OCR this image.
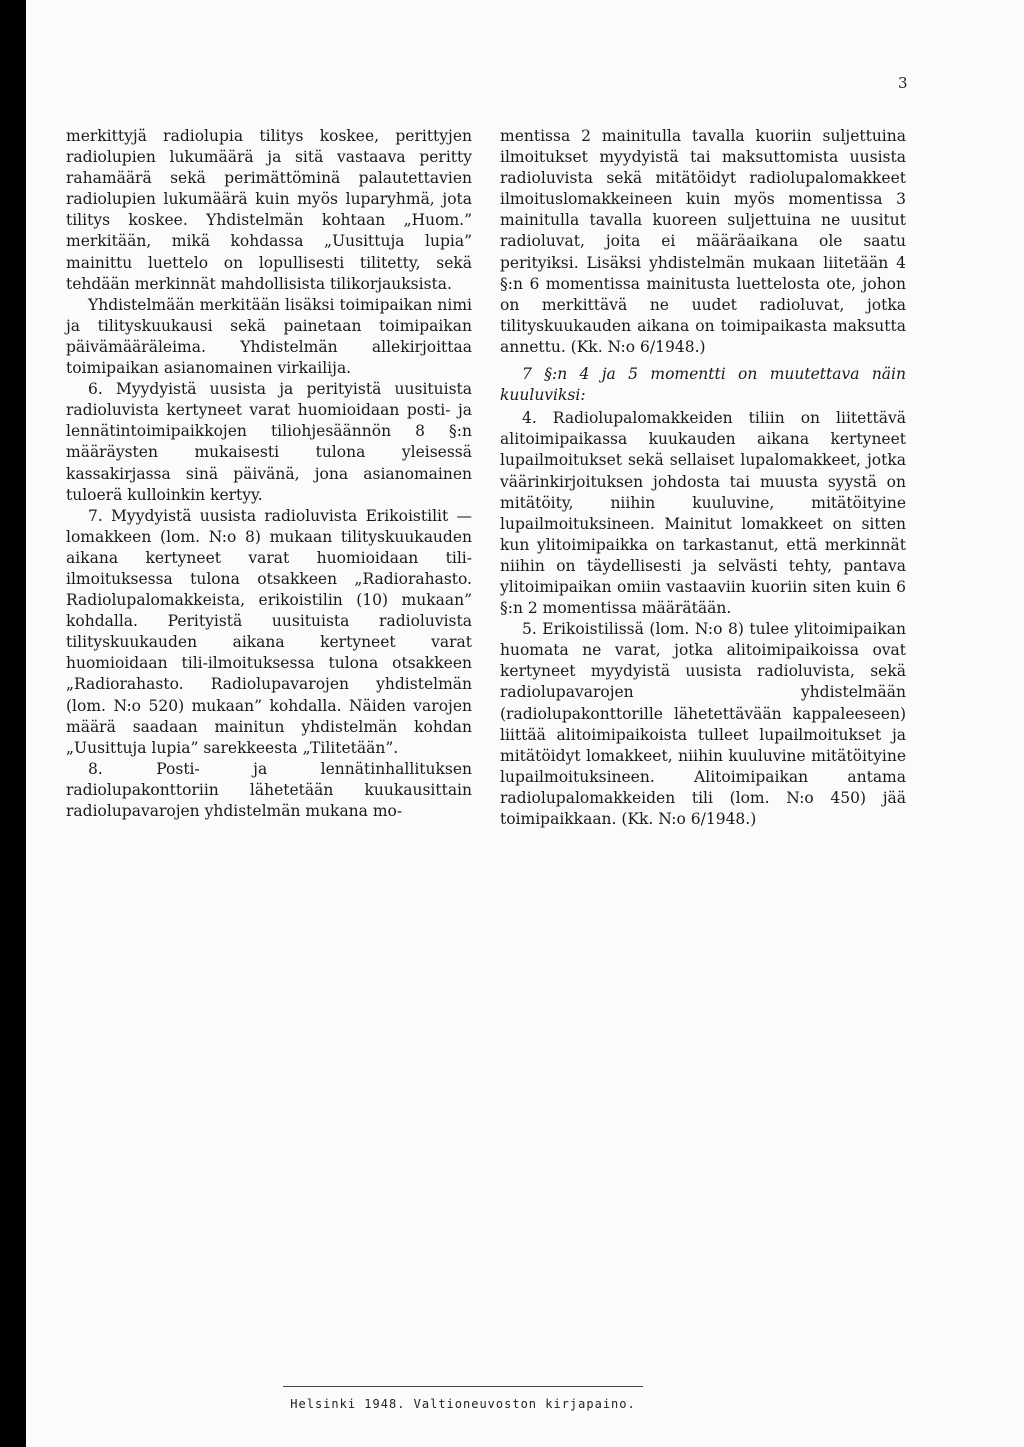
3

merkittyjä radiolupia tilitys koskee, perittyjen radiolupien lukumäärä ja sitä vastaava peritty rahamäärä sekä perimättöminä palautettavien radiolupien lukumäärä kuin myös luparyhmä, jota tilitys koskee. Yhdistelmän kohtaan „Huom.” merkitään, mikä kohdassa „Uusittuja lupia” mainittu luettelo on lopullisesti tilitetty, sekä tehdään merkinnät mahdollisista tilikorjauksista.

Yhdistelmään merkitään lisäksi toimipaikan nimi ja tilityskuukausi sekä painetaan toimipaikan päivämääräleima. Yhdistelmän allekirjoittaa toimipaikan asianomainen virkailija.

6. Myydyistä uusista ja perityistä uusituista radioluvista kertyneet varat huomioidaan posti- ja lennätintoimipaikkojen tiliohjesäännön 8 §:n määräysten mukaisesti tulona yleisessä kassakirjassa sinä päivänä, jona asianomainen tuloerä kulloinkin kertyy.

7. Myydyistä uusista radioluvista Erikoistilit — lomakkeen (lom. N:o 8) mukaan tilityskuukauden aikana kertyneet varat huomioidaan tili-ilmoituksessa tulona otsakkeen „Radiorahasto. Radiolupalomakkeista, erikoistilin (10) mukaan” kohdalla. Perityistä uusituista radioluvista tilityskuukauden aikana kertyneet varat huomioidaan tili-ilmoituksessa tulona otsakkeen „Radiorahasto. Radiolupavarojen yhdistelmän (lom. N:o 520) mukaan” kohdalla. Näiden varojen määrä saadaan mainitun yhdistelmän kohdan „Uusittuja lupia” sarekkeesta „Tilitetään”.

8. Posti- ja lennätinhallituksen radiolupakonttoriin lähetetään kuukausittain radiolupavarojen yhdistelmän mukana mo-

mentissa 2 mainitulla tavalla kuoriin suljettuina ilmoitukset myydyistä tai maksuttomista uusista radioluvista sekä mitätöidyt radiolupalomakkeet ilmoituslomakkeineen kuin myös momentissa 3 mainitulla tavalla kuoreen suljettuina ne uusitut radioluvat, joita ei määräaikana ole saatu perityiksi. Lisäksi yhdistelmän mukaan liitetään 4 §:n 6 momentissa mainitusta luettelosta ote, johon on merkittävä ne uudet radioluvat, jotka tilityskuukauden aikana on toimipaikasta maksutta annettu. (Kk. N:o 6/1948.)

7 §:n 4 ja 5 momentti on muutettava näin kuuluviksi:

4. Radiolupalomakkeiden tiliin on liitettävä alitoimipaikassa kuukauden aikana kertyneet lupailmoitukset sekä sellaiset lupalomakkeet, jotka väärinkirjoituksen johdosta tai muusta syystä on mitätöity, niihin kuuluvine, mitätöityine lupailmoituksineen. Mainitut lomakkeet on sitten kun ylitoimipaikka on tarkastanut, että merkinnät niihin on täydellisesti ja selvästi tehty, pantava ylitoimipaikan omiin vastaaviin kuoriin siten kuin 6 §:n 2 momentissa määrätään.

5. Erikoistilissä (lom. N:o 8) tulee ylitoimipaikan huomata ne varat, jotka alitoimipaikoissa ovat kertyneet myydyistä uusista radioluvista, sekä radiolupavarojen yhdistelmään (radiolupakonttorille lähetettävään kappaleeseen) liittää alitoimipaikoista tulleet lupailmoitukset ja mitätöidyt lomakkeet, niihin kuuluvine mitätöityine lupailmoituksineen. Alitoimipaikan antama radiolupalomakkeiden tili (lom. N:o 450) jää toimipaikkaan. (Kk. N:o 6/1948.)

Helsinki 1948. Valtioneuvoston kirjapaino.
